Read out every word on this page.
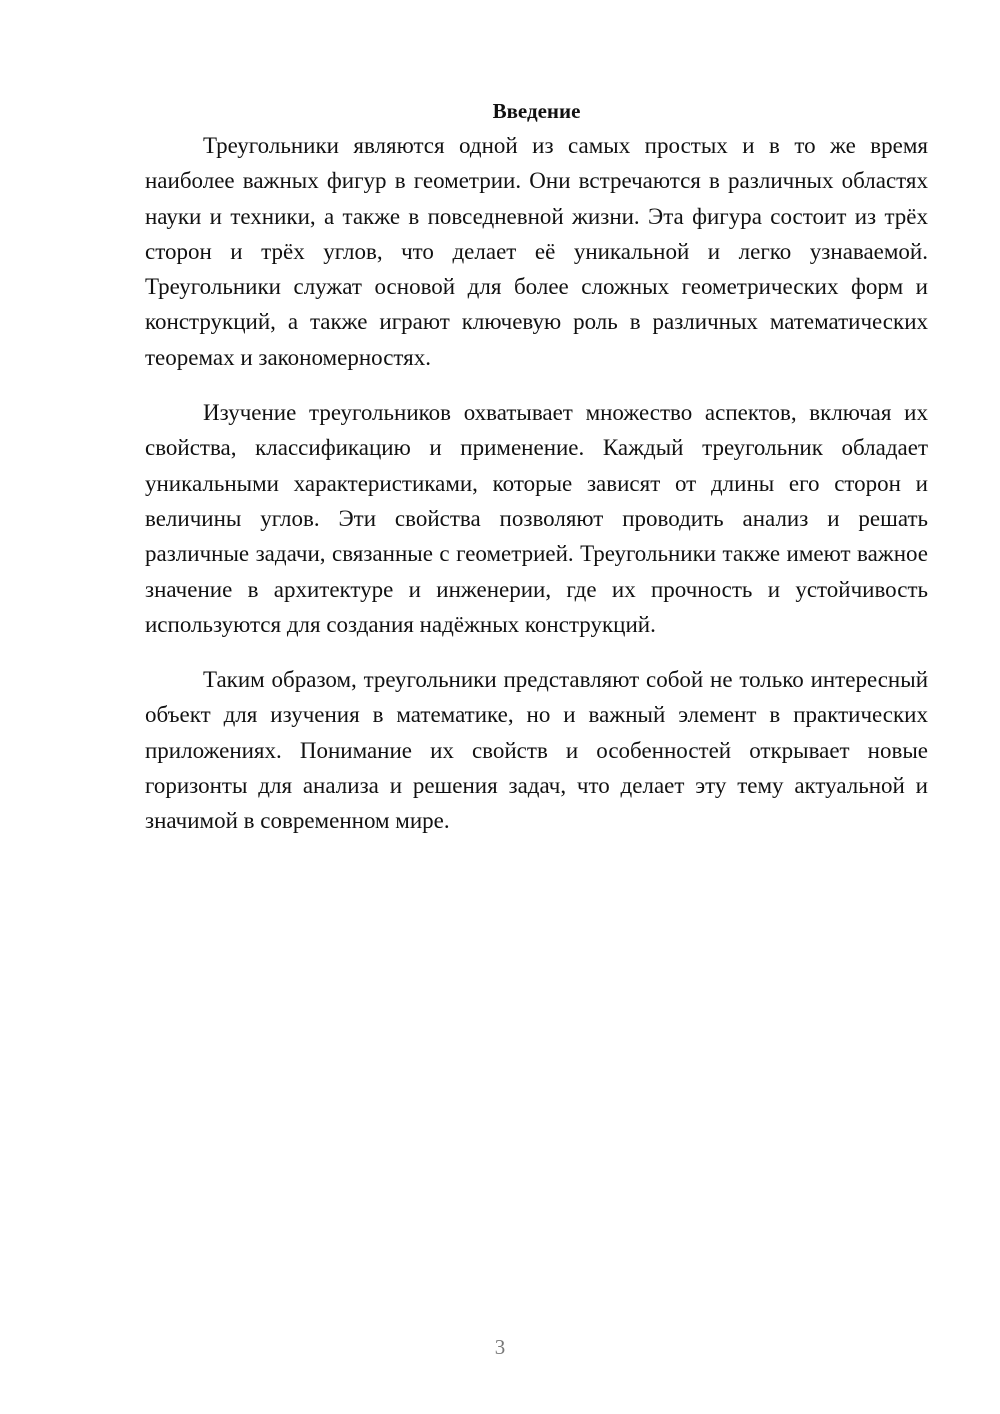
Введение

Треугольники являются одной из самых простых и в то же время наиболее важных фигур в геометрии. Они встречаются в различных областях науки и техники, а также в повседневной жизни. Эта фигура состоит из трёх сторон и трёх углов, что делает её уникальной и легко узнаваемой. Треугольники служат основой для более сложных геометрических форм и конструкций, а также играют ключевую роль в различных математических теоремах и закономерностях.

Изучение треугольников охватывает множество аспектов, включая их свойства, классификацию и применение. Каждый треугольник обладает уникальными характеристиками, которые зависят от длины его сторон и величины углов. Эти свойства позволяют проводить анализ и решать различные задачи, связанные с геометрией. Треугольники также имеют важное значение в архитектуре и инженерии, где их прочность и устойчивость используются для создания надёжных конструкций.

Таким образом, треугольники представляют собой не только интересный объект для изучения в математике, но и важный элемент в практических приложениях. Понимание их свойств и особенностей открывает новые горизонты для анализа и решения задач, что делает эту тему актуальной и значимой в современном мире.

3
